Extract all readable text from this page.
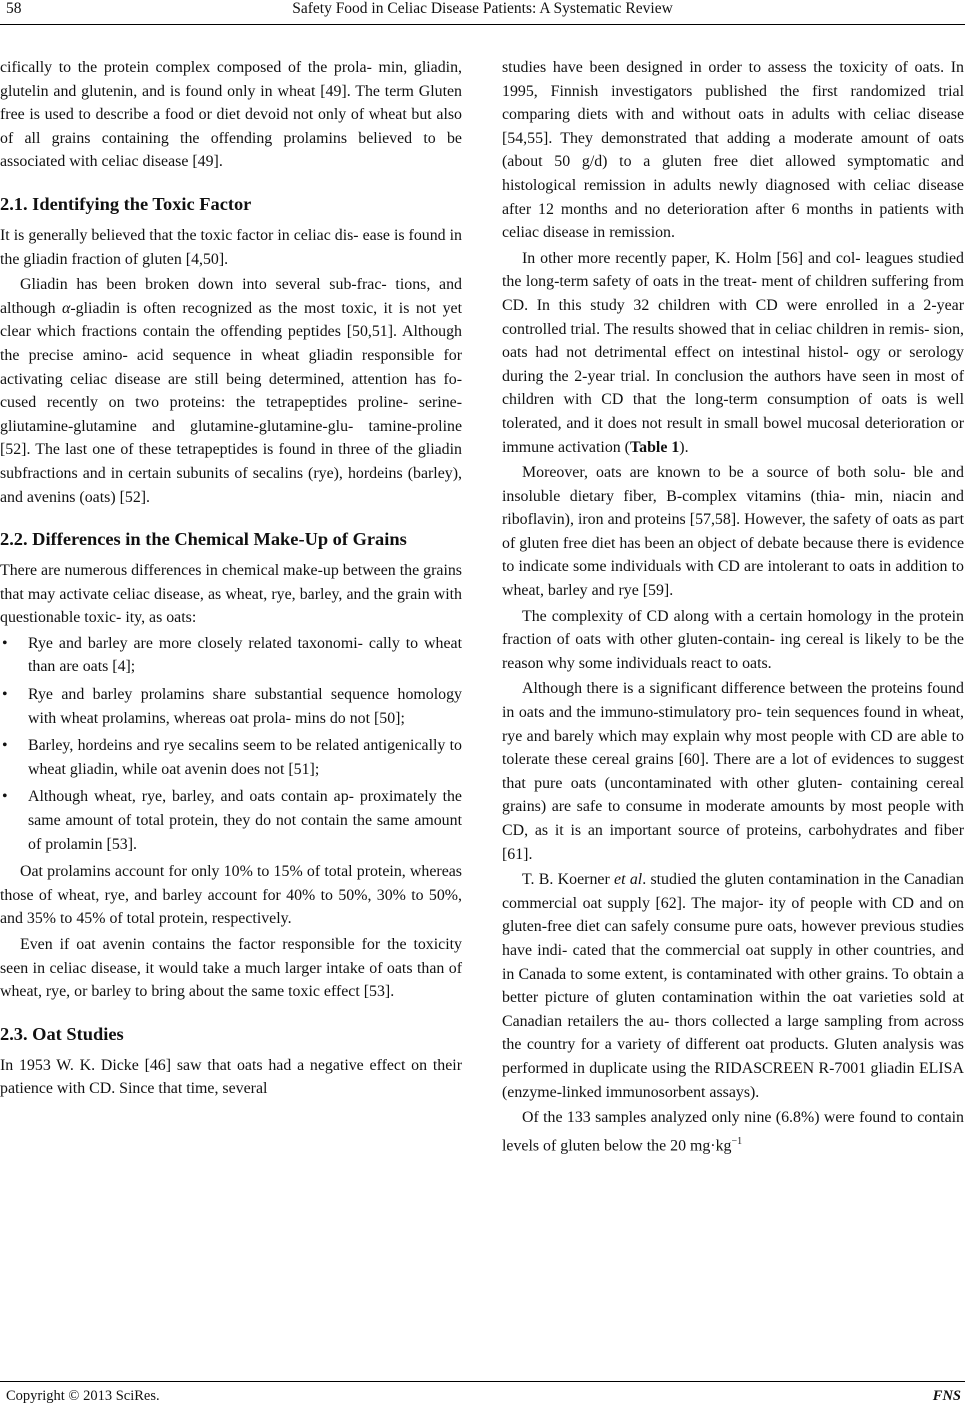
58	Safety Food in Celiac Disease Patients: A Systematic Review

cifically to the protein complex composed of the prola- min, gliadin, glutelin and glutenin, and is found only in wheat [49]. The term Gluten free is used to describe a food or diet devoid not only of wheat but also of all grains containing the offending prolamins believed to be associated with celiac disease [49].

2.1. Identifying the Toxic Factor

It is generally believed that the toxic factor in celiac dis- ease is found in the gliadin fraction of gluten [4,50].

Gliadin has been broken down into several sub-frac- tions, and although α-gliadin is often recognized as the most toxic, it is not yet clear which fractions contain the offending peptides [50,51]. Although the precise amino- acid sequence in wheat gliadin responsible for activating celiac disease are still being determined, attention has fo- cused recently on two proteins: the tetrapeptides proline- serine-gliutamine-glutamine and glutamine-glutamine-glu- tamine-proline [52]. The last one of these tetrapeptides is found in three of the gliadin subfractions and in certain subunits of secalins (rye), hordeins (barley), and avenins (oats) [52].

2.2. Differences in the Chemical Make-Up of Grains

There are numerous differences in chemical make-up between the grains that may activate celiac disease, as wheat, rye, barley, and the grain with questionable toxic- ity, as oats:

• Rye and barley are more closely related taxonomi- cally to wheat than are oats [4];
• Rye and barley prolamins share substantial sequence homology with wheat prolamins, whereas oat prola- mins do not [50];
• Barley, hordeins and rye secalins seem to be related antigenically to wheat gliadin, while oat avenin does not [51];
• Although wheat, rye, barley, and oats contain ap- proximately the same amount of total protein, they do not contain the same amount of prolamin [53].

Oat prolamins account for only 10% to 15% of total protein, whereas those of wheat, rye, and barley account for 40% to 50%, 30% to 50%, and 35% to 45% of total protein, respectively.

Even if oat avenin contains the factor responsible for the toxicity seen in celiac disease, it would take a much larger intake of oats than of wheat, rye, or barley to bring about the same toxic effect [53].

2.3. Oat Studies

In 1953 W. K. Dicke [46] saw that oats had a negative effect on their patience with CD. Since that time, several

studies have been designed in order to assess the toxicity of oats. In 1995, Finnish investigators published the first randomized trial comparing diets with and without oats in adults with celiac disease [54,55]. They demonstrated that adding a moderate amount of oats (about 50 g/d) to a gluten free diet allowed symptomatic and histological remission in adults newly diagnosed with celiac disease after 12 months and no deterioration after 6 months in patients with celiac disease in remission.

In other more recently paper, K. Holm [56] and col- leagues studied the long-term safety of oats in the treat- ment of children suffering from CD. In this study 32 children with CD were enrolled in a 2-year controlled trial. The results showed that in celiac children in remis- sion, oats had not detrimental effect on intestinal histol- ogy or serology during the 2-year trial. In conclusion the authors have seen in most of children with CD that the long-term consumption of oats is well tolerated, and it does not result in small bowel mucosal deterioration or immune activation (Table 1).

Moreover, oats are known to be a source of both solu- ble and insoluble dietary fiber, B-complex vitamins (thia- min, niacin and riboflavin), iron and proteins [57,58]. However, the safety of oats as part of gluten free diet has been an object of debate because there is evidence to indicate some individuals with CD are intolerant to oats in addition to wheat, barley and rye [59].

The complexity of CD along with a certain homology in the protein fraction of oats with other gluten-contain- ing cereal is likely to be the reason why some individuals react to oats.

Although there is a significant difference between the proteins found in oats and the immuno-stimulatory pro- tein sequences found in wheat, rye and barely which may explain why most people with CD are able to tolerate these cereal grains [60]. There are a lot of evidences to suggest that pure oats (uncontaminated with other gluten- containing cereal grains) are safe to consume in moderate amounts by most people with CD, as it is an important source of proteins, carbohydrates and fiber [61].

T. B. Koerner et al. studied the gluten contamination in the Canadian commercial oat supply [62]. The major- ity of people with CD and on gluten-free diet can safely consume pure oats, however previous studies have indi- cated that the commercial oat supply in other countries, and in Canada to some extent, is contaminated with other grains. To obtain a better picture of gluten contamination within the oat varieties sold at Canadian retailers the au- thors collected a large sampling from across the country for a variety of different oat products. Gluten analysis was performed in duplicate using the RIDASCREEN R-7001 gliadin ELISA (enzyme-linked immunosorbent assays).

Of the 133 samples analyzed only nine (6.8%) were found to contain levels of gluten below the 20 $mg\cdot kg^{-1}$

Copyright © 2013 SciRes.	FNS
